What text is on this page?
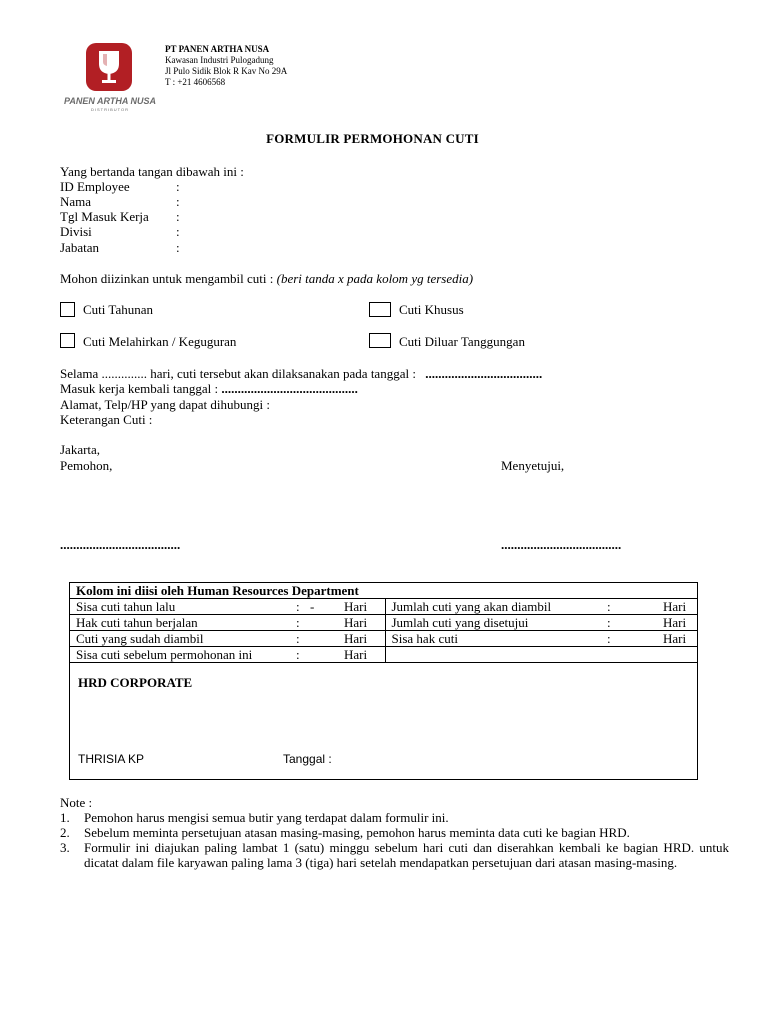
PANEN ARTHA NUSA
DISTRIBUTOR
PT PANEN ARTHA NUSA
Kawasan Industri Pulogadung
Jl Pulo Sidik Blok R Kav No 29A
T : +21 4606568
FORMULIR PERMOHONAN CUTI
Yang bertanda tangan dibawah ini :
ID Employee	:
Nama	:
Tgl Masuk Kerja :
Divisi	:
Jabatan	:
Mohon diizinkan untuk mengambil cuti : (beri tanda x pada kolom yg tersedia)
Cuti Tahunan	Cuti Khusus
Cuti Melahirkan / Keguguran	Cuti Diluar Tanggungan
Selama .............. hari, cuti tersebut akan dilaksanakan pada tanggal : ....................................
Masuk kerja kembali tanggal : ..........................................
Alamat, Telp/HP yang dapat dihubungi :
Keterangan Cuti :
Jakarta,
Pemohon,	Menyetujui,
.....................................	.....................................
Kolom ini diisi oleh Human Resources Department						
Sisa cuti tahun lalu	:	-	Hari	Jumlah cuti yang akan diambil	:	Hari
Hak cuti tahun berjalan	:		Hari	Jumlah cuti yang disetujui	:	Hari
Cuti yang sudah diambil	:		Hari	Sisa hak cuti	:	Hari
Sisa cuti sebelum permohonan ini	:		Hari			
HRD CORPORATE
THRISIA KP	Tanggal :
Note :
1. Pemohon harus mengisi semua butir yang terdapat dalam formulir ini.
2. Sebelum meminta persetujuan atasan masing-masing, pemohon harus meminta data cuti ke bagian HRD.
3. Formulir ini diajukan paling lambat 1 (satu) minggu sebelum hari cuti dan diserahkan kembali ke bagian HRD. untuk dicatat dalam file karyawan paling lama 3 (tiga) hari setelah mendapatkan persetujuan dari atasan masing-masing.
